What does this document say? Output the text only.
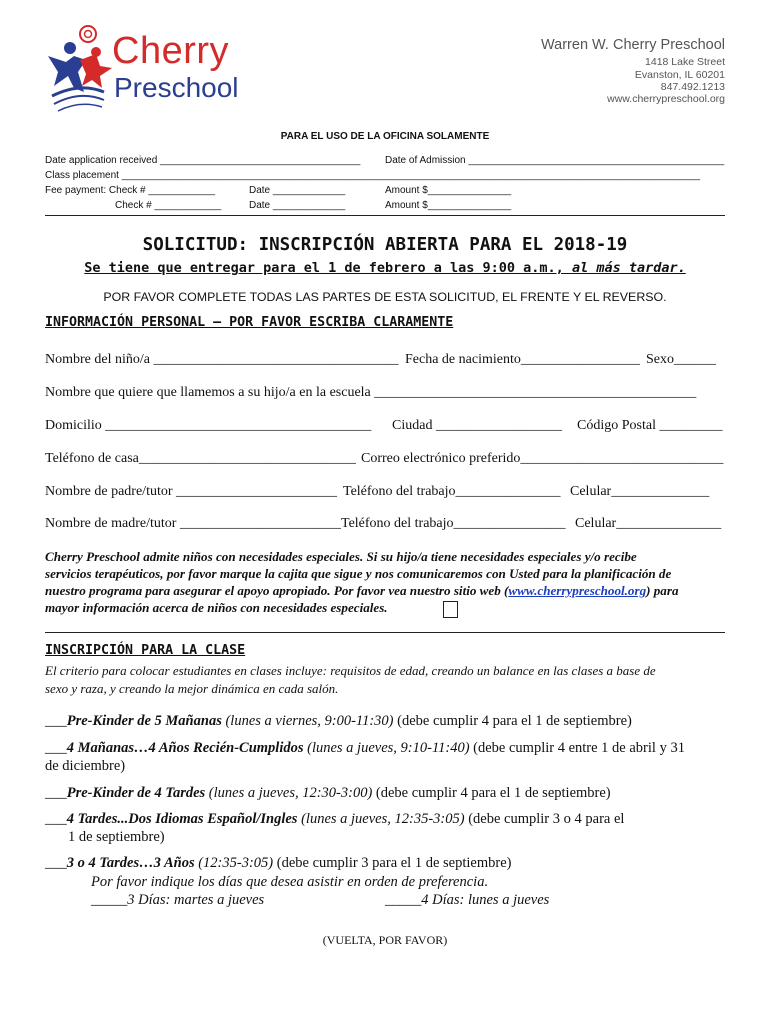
Cherry
Preschool
Warren W. Cherry Preschool
1418 Lake Street
Evanston, IL 60201
847.492.1213
www.cherrypreschool.org
PARA EL USO DE LA OFICINA SOLAMENTE
Date application received ____________________________________ Date of Admission ______________________________________________
Class placement ________________________________________________________________________________________________________
Fee payment: Check # ____________	Date _____________	Amount $_______________
Check # ____________	Date _____________	Amount $_______________
SOLICITUD: INSCRIPCIÓN ABIERTA PARA EL 2018-19
Se tiene que entregar para el 1 de febrero a las 9:00 a.m., al más tardar.
POR FAVOR COMPLETE TODAS LAS PARTES DE ESTA SOLICITUD, EL FRENTE Y EL REVERSO.
INFORMACIÓN PERSONAL – POR FAVOR ESCRIBA CLARAMENTE
Nombre del niño/a ___________________________________ Fecha de nacimiento_________________ Sexo______
Nombre que quiere que llamemos a su hijo/a en la escuela ______________________________________________
Domicilio ______________________________________ Ciudad __________________ Código Postal _________
Teléfono de casa_______________________________ Correo electrónico preferido_____________________________
Nombre de padre/tutor _______________________ Teléfono del trabajo_______________ Celular______________
Nombre de madre/tutor _______________________ Teléfono del trabajo________________ Celular_______________
Cherry Preschool admite niños con necesidades especiales. Si su hijo/a tiene necesidades especiales y/o recibe
servicios terapéuticos, por favor marque la cajita que sigue y nos comunicaremos con Usted para la planificación de
nuestro programa para asegurar el apoyo apropiado. Por favor vea nuestro sitio web (www.cherrypreschool.org) para
mayor información acerca de niños con necesidades especiales.
INSCRIPCIÓN PARA LA CLASE
El criterio para colocar estudiantes en clases incluye: requisitos de edad, creando un balance en las clases a base de
sexo y raza, y creando la mejor dinámica en cada salón.
___Pre-Kinder de 5 Mañanas (lunes a viernes, 9:00-11:30) (debe cumplir 4 para el 1 de septiembre)
___4 Mañanas…4 Años Recién-Cumplidos (lunes a jueves, 9:10-11:40) (debe cumplir 4 entre 1 de abril y 31
de diciembre)
___Pre-Kinder de 4 Tardes (lunes a jueves, 12:30-3:00) (debe cumplir 4 para el 1 de septiembre)
___4 Tardes...Dos Idiomas Español/Ingles (lunes a jueves, 12:35-3:05) (debe cumplir 3 o 4 para el
1 de septiembre)
___3 o 4 Tardes…3 Años (12:35-3:05) (debe cumplir 3 para el 1 de septiembre)
Por favor indique los días que desea asistir en orden de preferencia.
_____3 Días: martes a jueves	_____4 Días: lunes a jueves
(VUELTA, POR FAVOR)
